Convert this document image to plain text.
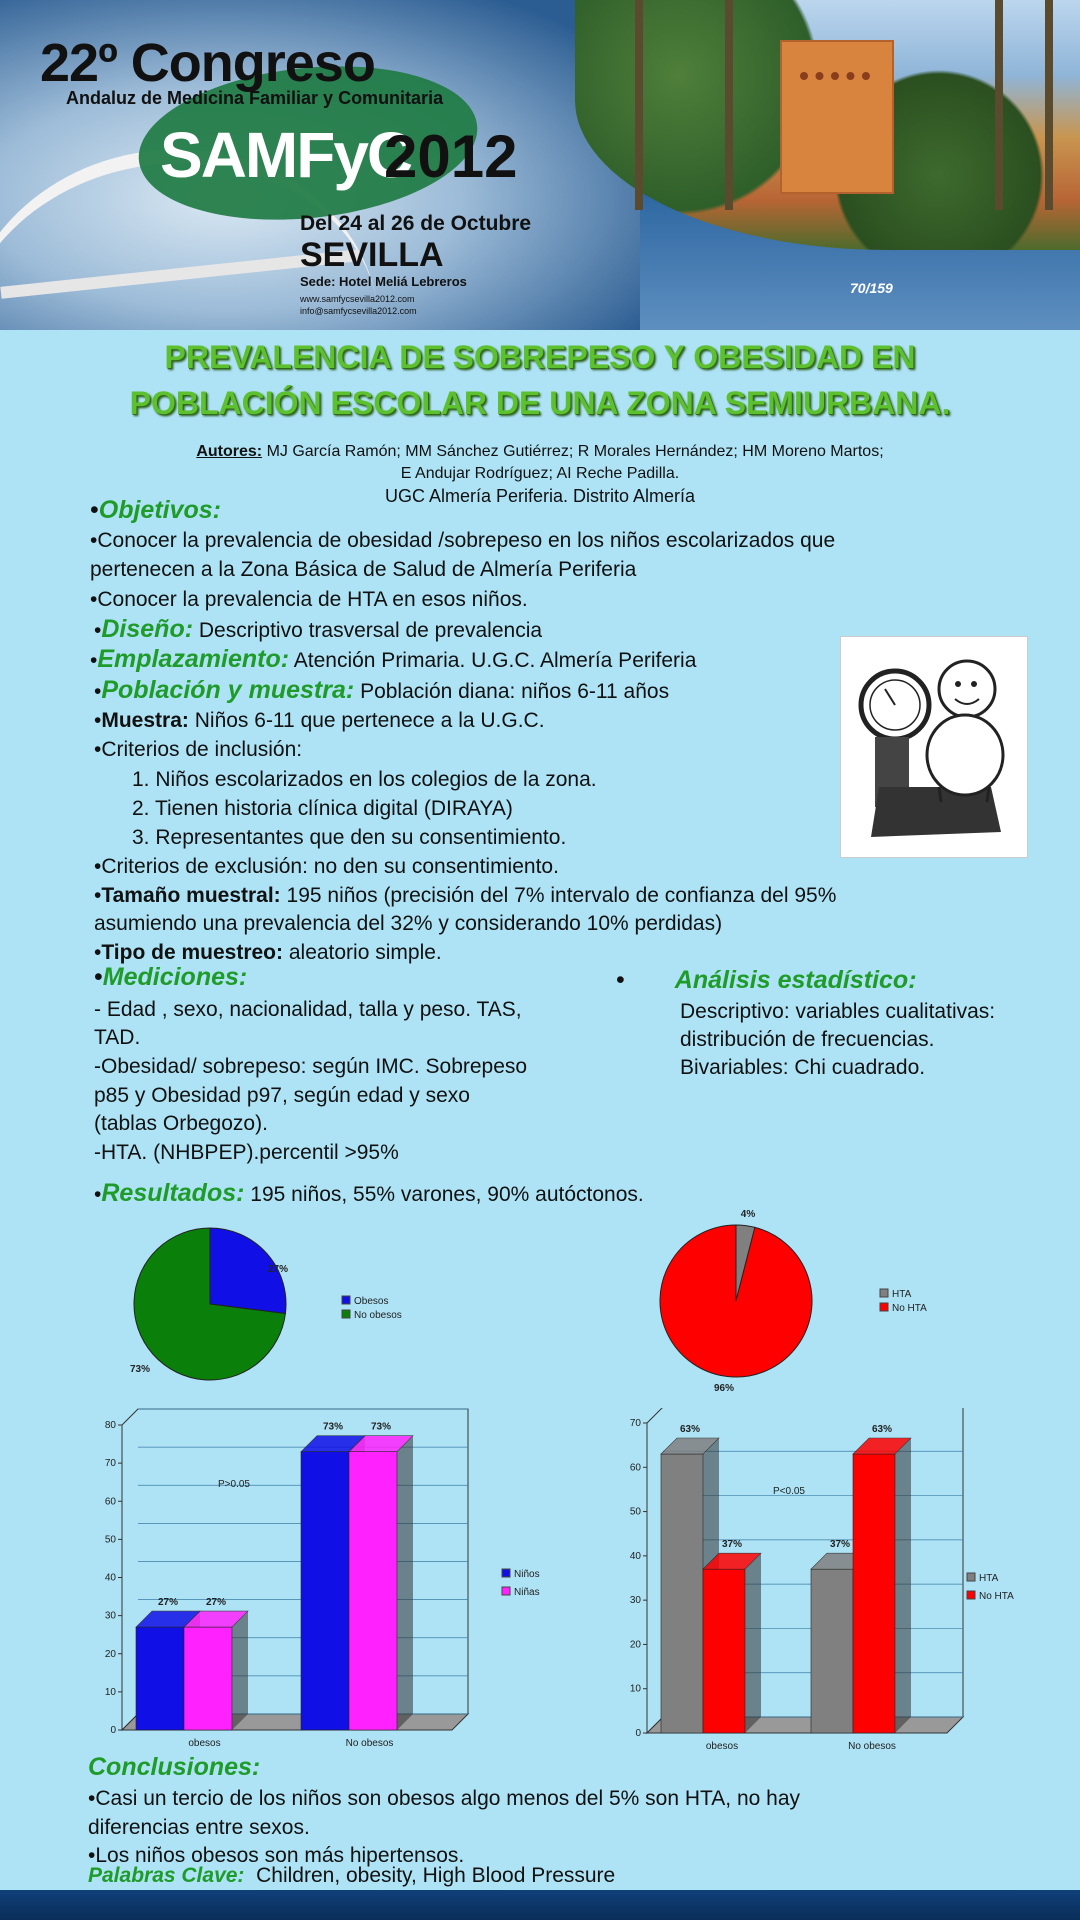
22º Congreso
Andaluz de Medicina Familiar y Comunitaria
SAMFyC
2012
Del 24 al 26 de Octubre
SEVILLA
Sede: Hotel Meliá Lebreros
www.samfycsevilla2012.com
info@samfycsevilla2012.com
70/159
PREVALENCIA DE SOBREPESO Y OBESIDAD EN
POBLACIÓN ESCOLAR DE UNA ZONA SEMIURBANA.
Autores: MJ García Ramón; MM Sánchez Gutiérrez; R Morales Hernández; HM Moreno Martos;
E Andujar Rodríguez; AI Reche Padilla.
UGC Almería Periferia. Distrito Almería
•Objetivos:
•Conocer la prevalencia de obesidad /sobrepeso en los niños escolarizados que
pertenecen a la Zona Básica de Salud de Almería Periferia
•Conocer la prevalencia de HTA en esos niños.
•Diseño: Descriptivo trasversal de prevalencia
•Emplazamiento: Atención Primaria. U.G.C. Almería Periferia
•Población y muestra: Población diana: niños 6-11 años
•Muestra: Niños 6-11 que pertenece a la U.G.C.
•Criterios de inclusión:
1. Niños escolarizados en los colegios de la zona.
2. Tienen historia clínica digital (DIRAYA)
3. Representantes que den su consentimiento.
•Criterios de exclusión: no den su consentimiento.
•Tamaño muestral: 195 niños (precisión del 7% intervalo de confianza del 95%
asumiendo una prevalencia del 32% y considerando 10% perdidas)
•Tipo de muestreo: aleatorio simple.
•Mediciones:
- Edad , sexo, nacionalidad, talla y peso. TAS,
TAD.
-Obesidad/ sobrepeso: según IMC. Sobrepeso
p85 y Obesidad p97, según edad y sexo
(tablas Orbegozo).
-HTA. (NHBPEP).percentil >95%
• Análisis estadístico:
Descriptivo: variables cualitativas:
distribución de frecuencias.
Bivariables: Chi cuadrado.
•Resultados: 195 niños, 55% varones, 90% autóctonos.
27%
73%
Obesos
No obesos
4%
96%
HTA
No HTA
0
10
20
30
40
50
60
70
80
27%	27%
obesos
73%	73%
No obesos
P>0.05
Niños
Niñas
0
10
20
30
40
50
60
70
63%
37%
obesos
37%
63%
No obesos
P<0.05
HTA
No HTA
Conclusiones:
•Casi un tercio de los niños son obesos algo menos del 5% son HTA, no hay
diferencias entre sexos.
•Los niños obesos son más hipertensos.
Palabras Clave: Children, obesity, High Blood Pressure
